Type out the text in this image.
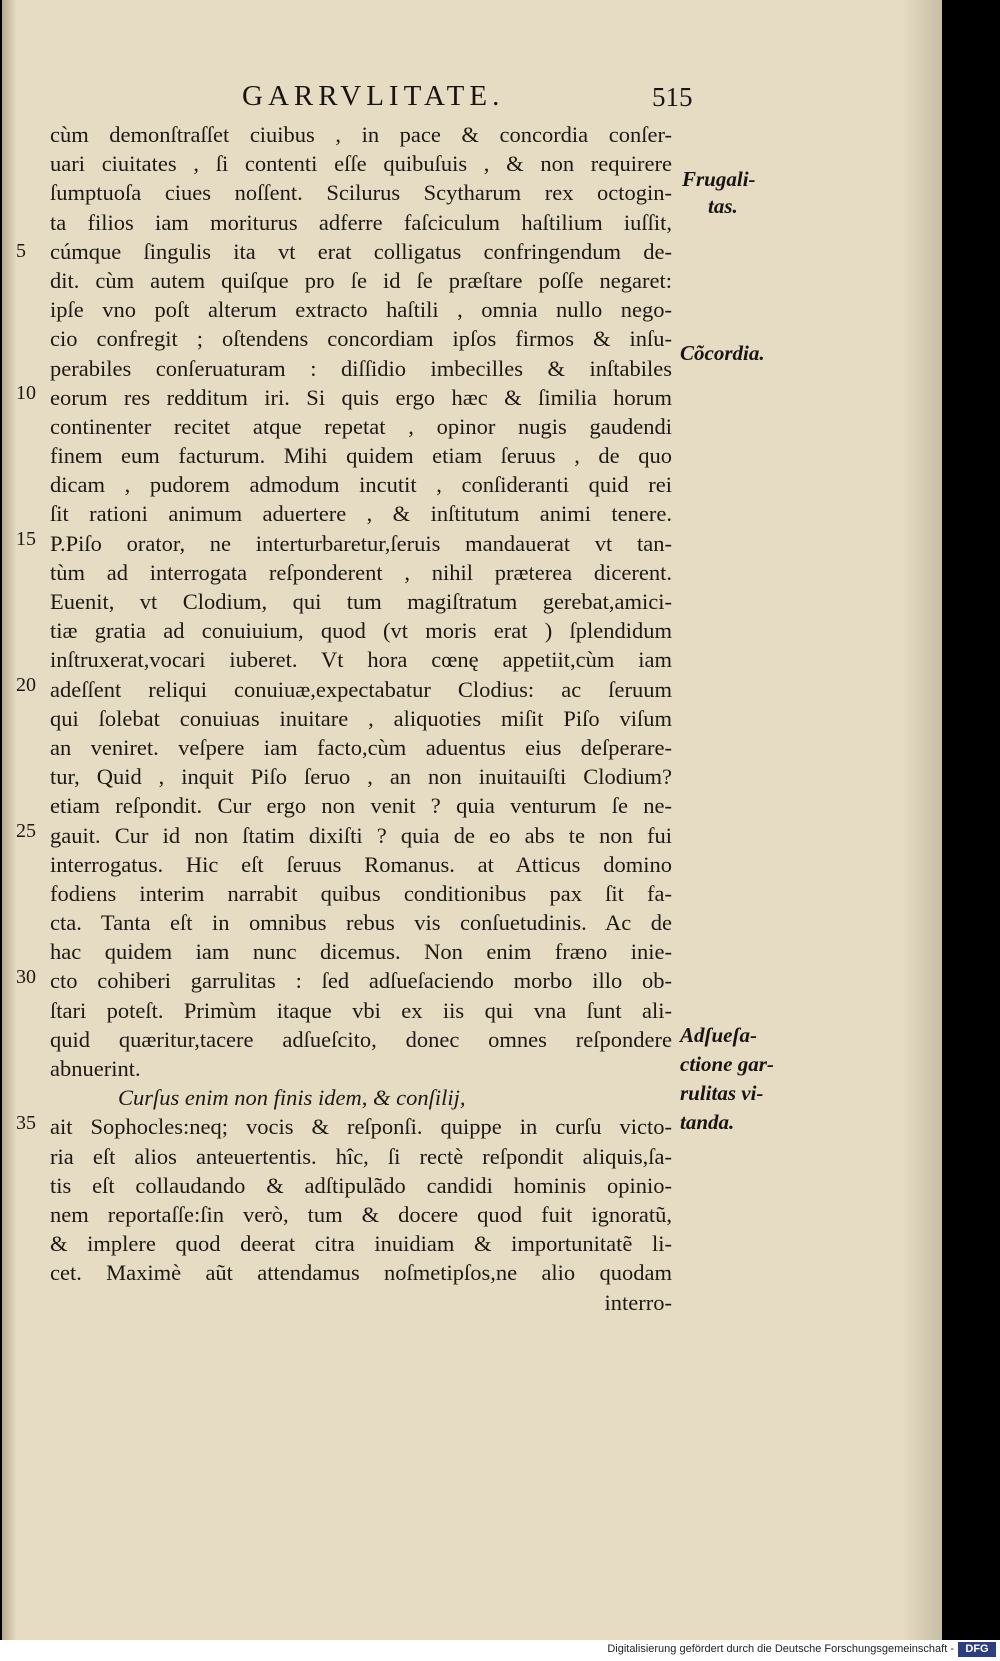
GARRVLITATE.	515
cùm demonſtraſſet ciuibus , in pace & concordia conſer-
uari ciuitates , ſi contenti eſſe quibuſuis , & non requirere
ſumptuoſa ciues noſſent. Scilurus Scytharum rex octogin-
ta filios iam moriturus adferre faſciculum haſtilium iuſſit,
cúmque ſingulis ita vt erat colligatus confringendum de-
dit. cùm autem quiſque pro ſe id ſe præſtare poſſe negaret:
ipſe vno poſt alterum extracto haſtili , omnia nullo nego-
cio confregit ; oſtendens concordiam ipſos firmos & inſu-
perabiles conſeruaturam : diſſidio imbecilles & inſtabiles
eorum res redditum iri. Si quis ergo hæc & ſimilia horum
continenter recitet atque repetat , opinor nugis gaudendi
finem eum facturum. Mihi quidem etiam ſeruus , de quo
dicam , pudorem admodum incutit , conſideranti quid rei
ſit rationi animum aduertere , & inſtitutum animi tenere.
P.Piſo orator, ne interturbaretur,ſeruis mandauerat vt tan-
tùm ad interrogata reſponderent , nihil præterea dicerent.
Euenit, vt Clodium, qui tum magiſtratum gerebat,amici-
tiæ gratia ad conuiuium, quod (vt moris erat ) ſplendidum
inſtruxerat,vocari iuberet. Vt hora cœnę appetiit,cùm iam
adeſſent reliqui conuiuæ,expectabatur Clodius: ac ſeruum
qui ſolebat conuiuas inuitare , aliquoties miſit Piſo viſum
an veniret. veſpere iam facto,cùm aduentus eius deſperare-
tur, Quid , inquit Piſo ſeruo , an non inuitauiſti Clodium?
etiam reſpondit. Cur ergo non venit ? quia venturum ſe ne-
gauit. Cur id non ſtatim dixiſti ? quia de eo abs te non fui
interrogatus. Hic eſt ſeruus Romanus. at Atticus domino
fodiens interim narrabit quibus conditionibus pax ſit fa-
cta. Tanta eſt in omnibus rebus vis conſuetudinis. Ac de
hac quidem iam nunc dicemus. Non enim fræno inie-
cto cohiberi garrulitas : ſed adſueſaciendo morbo illo ob-
ſtari poteſt. Primùm itaque vbi ex iis qui vna ſunt ali-
quid quæritur,tacere adſueſcito, donec omnes reſpondere
abnuerint.
Curſus enim non finis idem, & conſilij,
ait Sophocles:neq; vocis & reſponſi. quippe in curſu victo-
ria eſt alios anteuertentis. hîc, ſi rectè reſpondit aliquis,ſa-
tis eſt collaudando & adſtipulãdo candidi hominis opinio-
nem reportaſſe:ſin verò, tum & docere quod fuit ignoratũ,
& implere quod deerat citra inuidiam & importunitatẽ li-
cet. Maximè aũt attendamus noſmetipſos,ne alio quodam
interro-
5
10
15
20
25
30
35
Frugali-
tas.
Cõcordia.
Adſueſa-
ctione gar-
rulitas vi-
tanda.
Digitalisierung gefördert durch die Deutsche Forschungsgemeinschaft -	DFG
